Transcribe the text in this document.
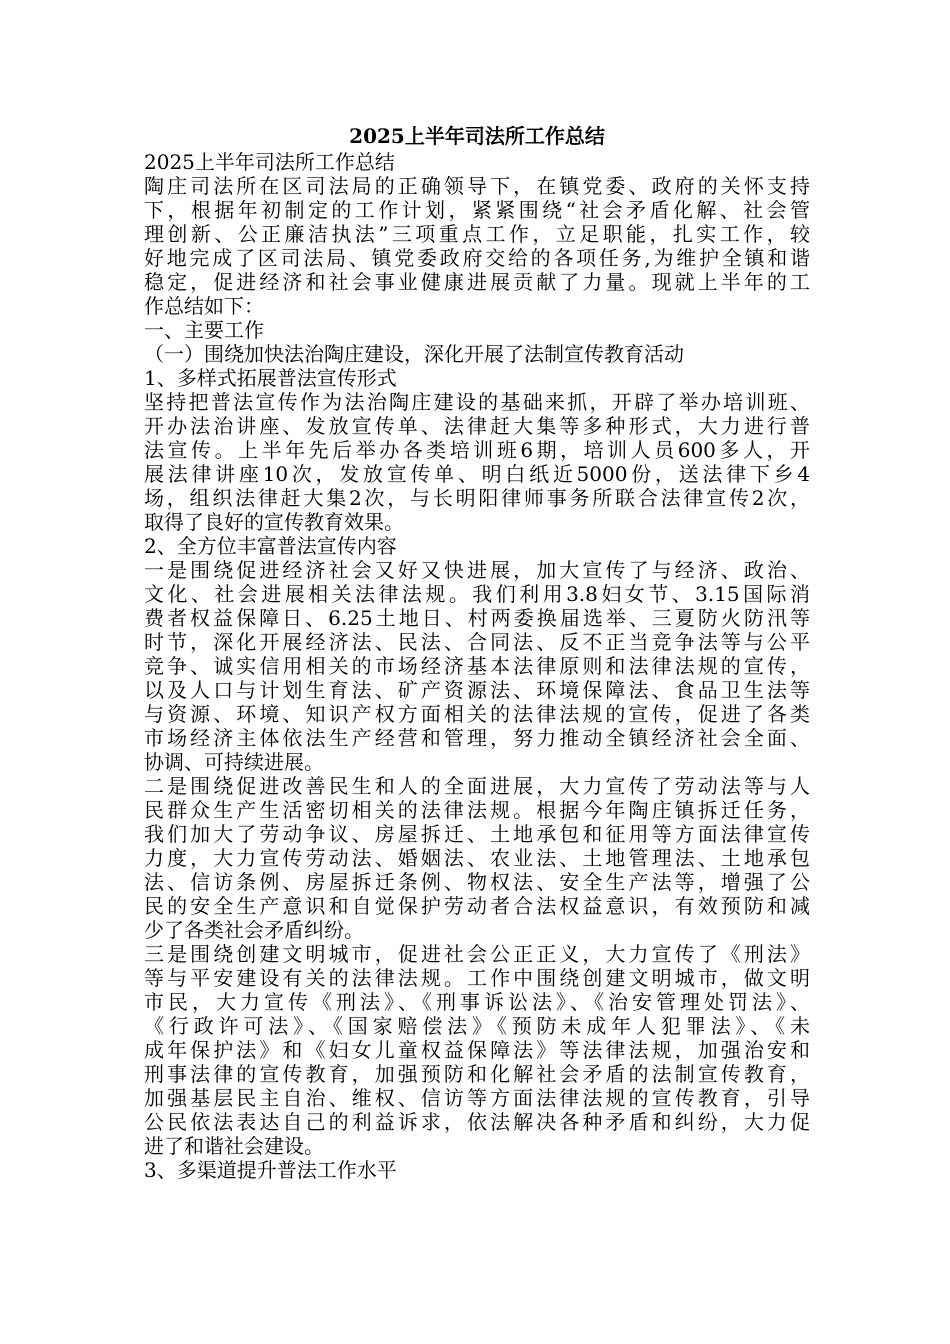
2025上半年司法所工作总结

2025上半年司法所工作总结

陶庄司法所在区司法局的正确领导下，在镇党委、政府的关怀支持

下，根据年初制定的工作计划，紧紧围绕“社会矛盾化解、社会管

理创新、公正廉洁执法”三项重点工作，立足职能，扎实工作，较

好地完成了区司法局、镇党委政府交给的各项任务,为维护全镇和谐

稳定，促进经济和社会事业健康进展贡献了力量。现就上半年的工

作总结如下：

一、主要工作

（一）围绕加快法治陶庄建设，深化开展了法制宣传教育活动

1、多样式拓展普法宣传形式

坚持把普法宣传作为法治陶庄建设的基础来抓，开辟了举办培训班、

开办法治讲座、发放宣传单、法律赶大集等多种形式，大力进行普

法宣传。上半年先后举办各类培训班6期，培训人员600多人，开

展法律讲座10次，发放宣传单、明白纸近5000份，送法律下乡4

场，组织法律赶大集2次，与长明阳律师事务所联合法律宣传2次，

取得了良好的宣传教育效果。

2、全方位丰富普法宣传内容

一是围绕促进经济社会又好又快进展，加大宣传了与经济、政治、

文化、社会进展相关法律法规。我们利用3.8妇女节、3.15国际消

费者权益保障日、6.25土地日、村两委换届选举、三夏防火防汛等

时节，深化开展经济法、民法、合同法、反不正当竞争法等与公平

竞争、诚实信用相关的市场经济基本法律原则和法律法规的宣传，

以及人口与计划生育法、矿产资源法、环境保障法、食品卫生法等

与资源、环境、知识产权方面相关的法律法规的宣传，促进了各类

市场经济主体依法生产经营和管理，努力推动全镇经济社会全面、

协调、可持续进展。

二是围绕促进改善民生和人的全面进展，大力宣传了劳动法等与人

民群众生产生活密切相关的法律法规。根据今年陶庄镇拆迁任务，

我们加大了劳动争议、房屋拆迁、土地承包和征用等方面法律宣传

力度，大力宣传劳动法、婚姻法、农业法、土地管理法、土地承包

法、信访条例、房屋拆迁条例、物权法、安全生产法等，增强了公

民的安全生产意识和自觉保护劳动者合法权益意识，有效预防和减

少了各类社会矛盾纠纷。

三是围绕创建文明城市，促进社会公正正义，大力宣传了《刑法》

等与平安建设有关的法律法规。工作中围绕创建文明城市，做文明

市民，大力宣传《刑法》、《刑事诉讼法》、《治安管理处罚法》、

《行政许可法》、《国家赔偿法》《预防未成年人犯罪法》、《未

成年保护法》和《妇女儿童权益保障法》等法律法规，加强治安和

刑事法律的宣传教育，加强预防和化解社会矛盾的法制宣传教育，

加强基层民主自治、维权、信访等方面法律法规的宣传教育，引导

公民依法表达自己的利益诉求，依法解决各种矛盾和纠纷，大力促

进了和谐社会建设。

3、多渠道提升普法工作水平
